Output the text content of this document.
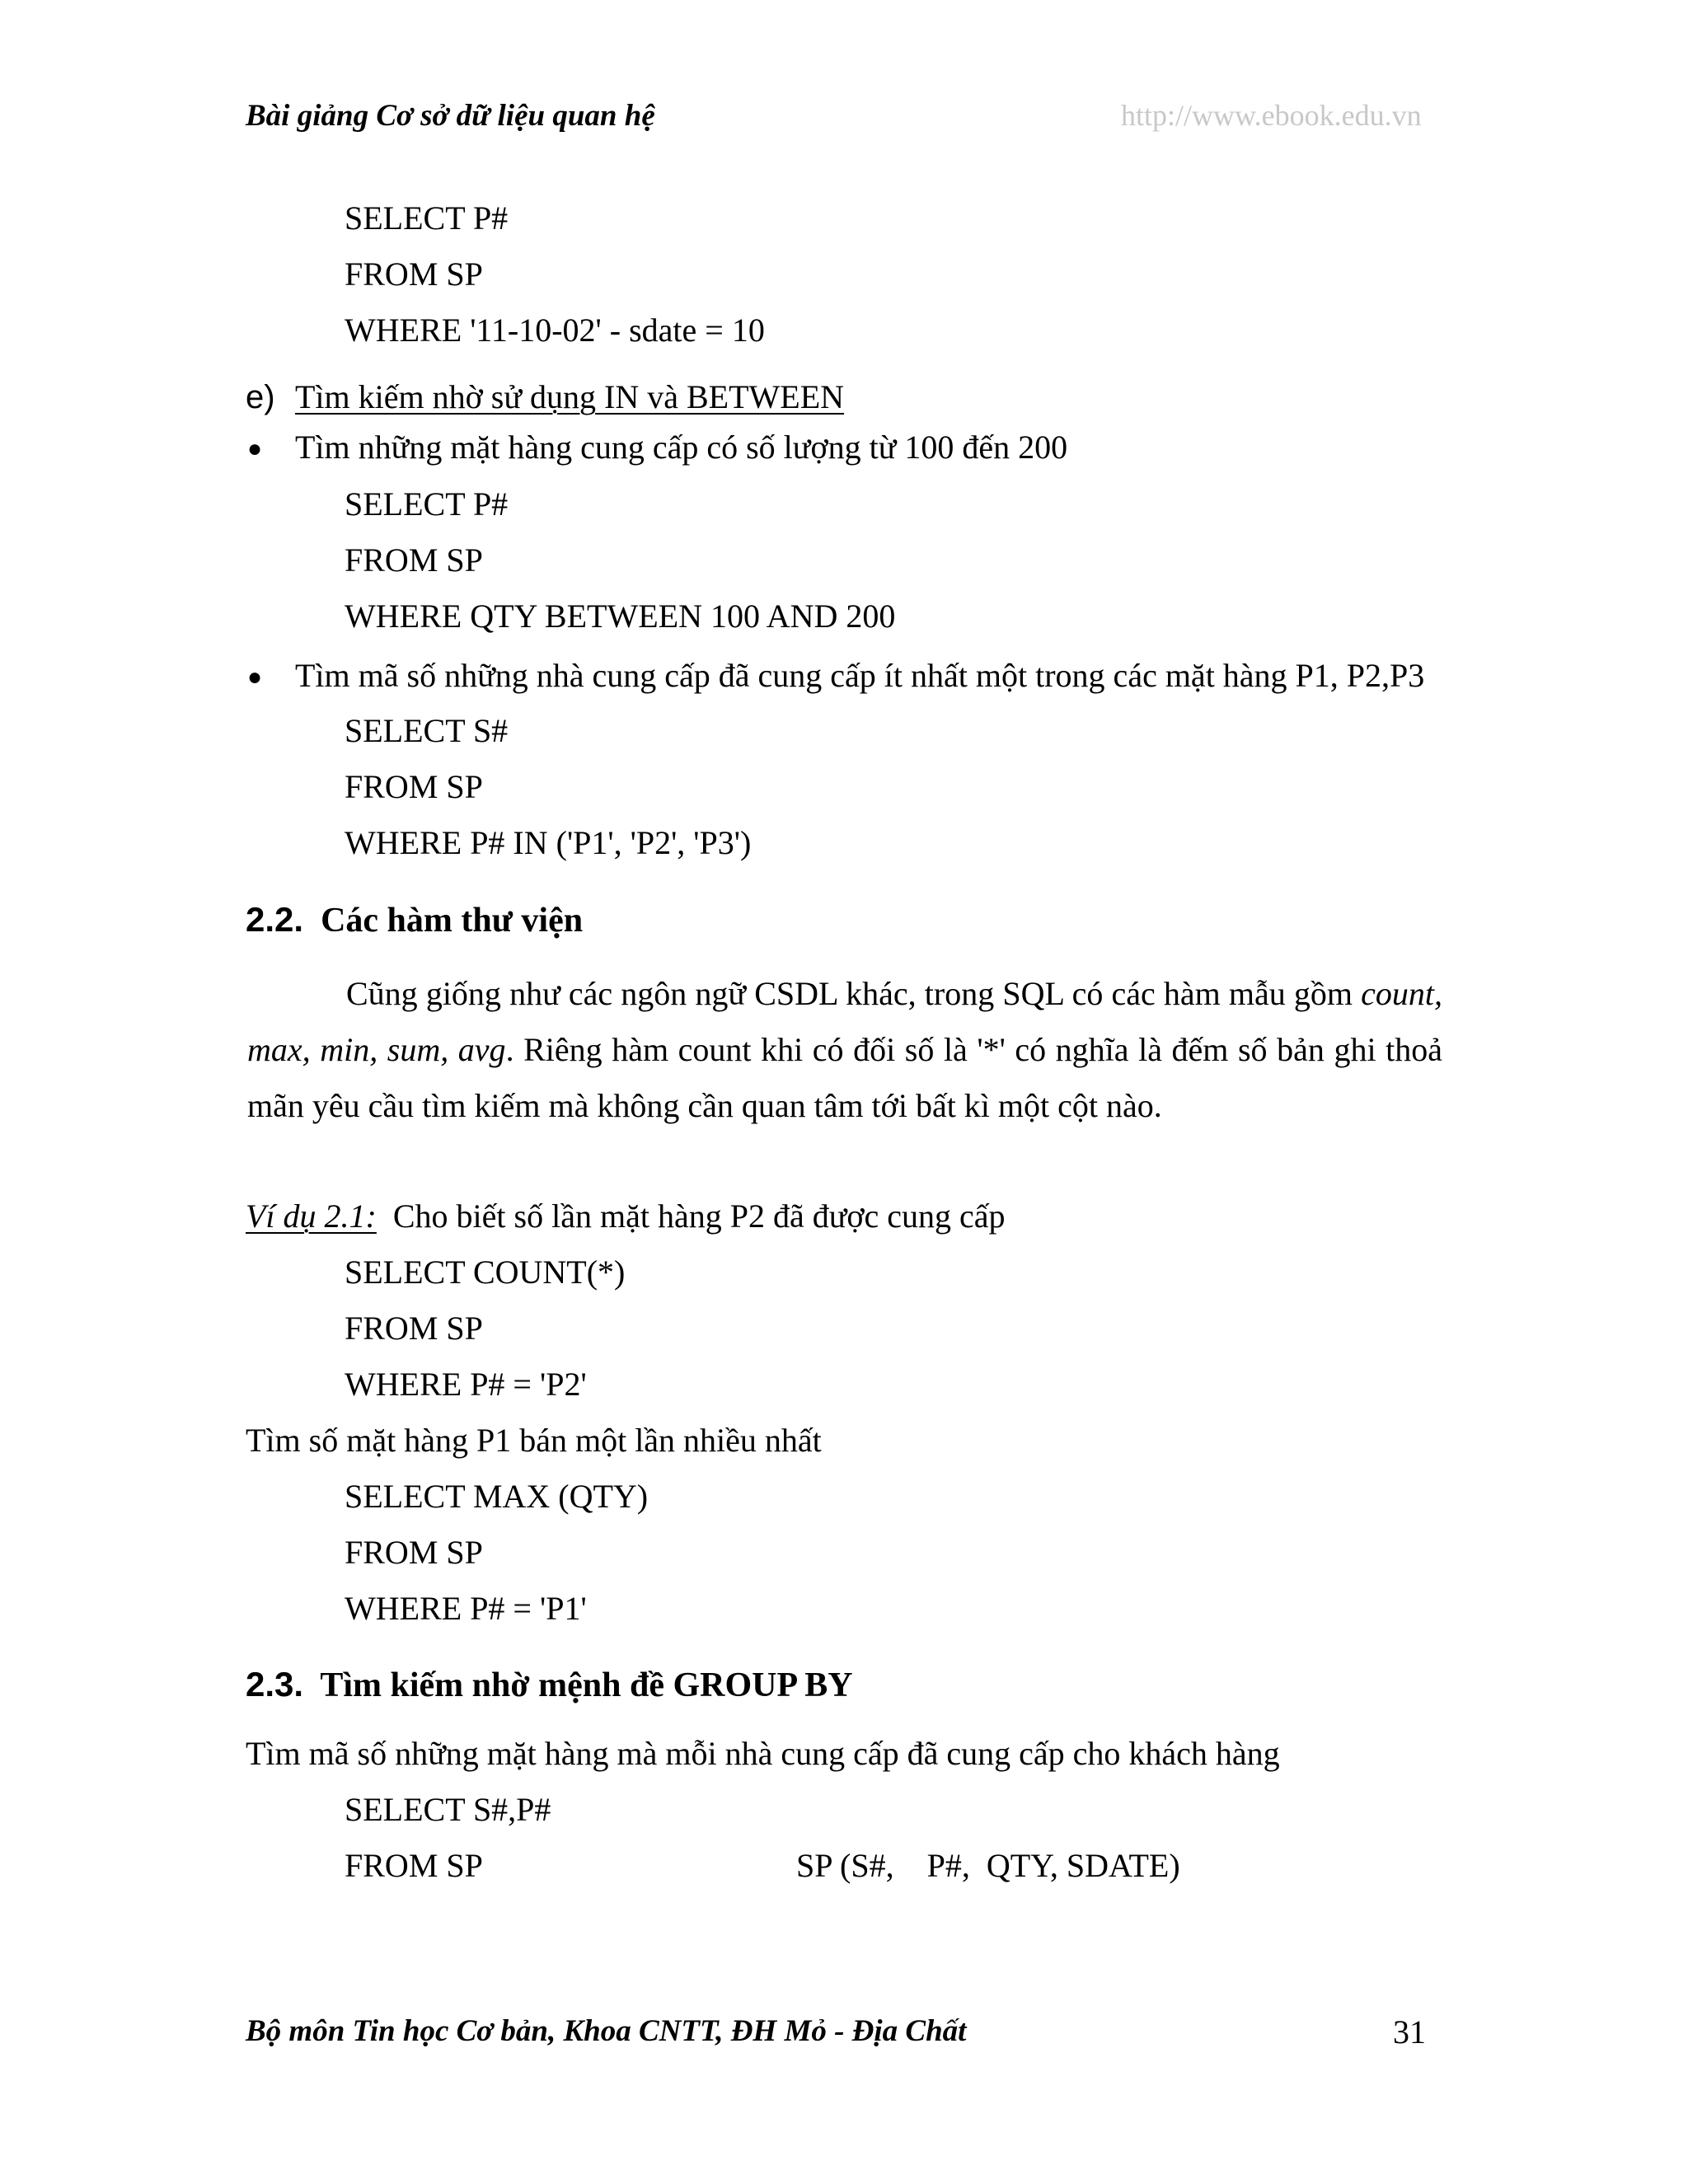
Bài giảng Cơ sở dữ liệu quan hệ	http://www.ebook.edu.vn
SELECT P#
FROM SP
WHERE '11-10-02' - sdate = 10
e) Tìm kiếm nhờ sử dụng IN và BETWEEN
● Tìm những mặt hàng cung cấp có số lượng từ 100 đến 200
SELECT P#
FROM SP
WHERE QTY BETWEEN 100 AND 200
● Tìm mã số những nhà cung cấp đã cung cấp ít nhất một trong các mặt hàng P1, P2,P3
SELECT S#
FROM SP
WHERE P# IN ('P1', 'P2', 'P3')
2.2. Các hàm thư viện
Cũng giống như các ngôn ngữ CSDL khác, trong SQL có các hàm mẫu gồm count, max, min, sum, avg. Riêng hàm count khi có đối số là '*' có nghĩa là đếm số bản ghi thoả mãn yêu cầu tìm kiếm mà không cần quan tâm tới bất kì một cột nào.
Ví dụ 2.1: Cho biết số lần mặt hàng P2 đã được cung cấp
SELECT COUNT(*)
FROM SP
WHERE P# = 'P2'
Tìm số mặt hàng P1 bán một lần nhiều nhất
SELECT MAX (QTY)
FROM SP
WHERE P# = 'P1'
2.3. Tìm kiếm nhờ mệnh đề GROUP BY
Tìm mã số những mặt hàng mà mỗi nhà cung cấp đã cung cấp cho khách hàng
SELECT S#,P#
FROM SP	SP (S#,    P#,  QTY, SDATE)
Bộ môn Tin học Cơ bản, Khoa CNTT, ĐH Mỏ - Địa Chất	31
